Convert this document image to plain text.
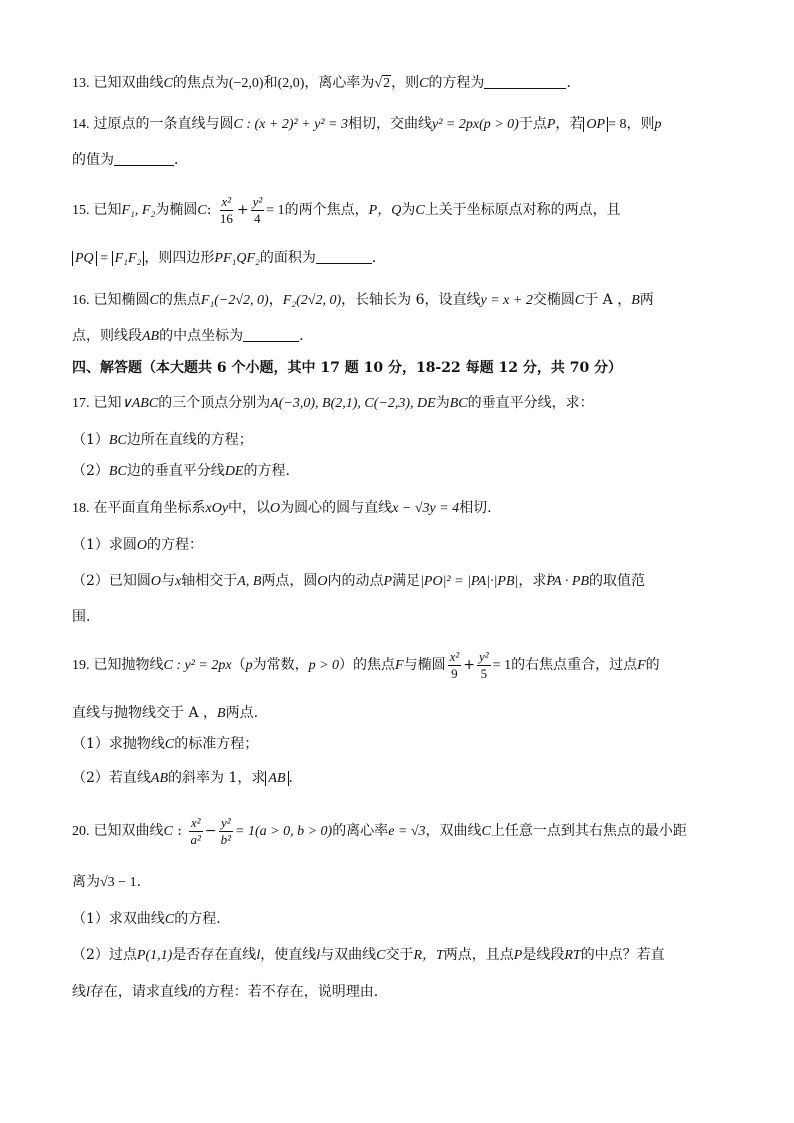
13. 已知双曲线C的焦点为(−2,0)和(2,0)，离心率为√2，则C的方程为	．
14. 过原点的一条直线与圆C : (x + 2)² + y² = 3相切，交曲线y² = 2px(p > 0)于点P，若 OP = 8，则p
的值为	．
15. 已知F₁, F₂为椭圆C: $\frac{\text{x²}}{16} + \frac{\text{y²}}{4} = 1$的两个焦点，P，Q为C上关于坐标原点对称的两点，且
PQ = F₁F₂ ，则四边形PF₁QF₂的面积为	．
16. 已知椭圆C的焦点F₁(−2√2, 0)，F₂(2√2, 0)，长轴长为 6，设直线y = x + 2交椭圆C于 A ，B两
点，则线段AB的中点坐标为	.
四、解答题（本大题共 6 个小题，其中 17 题 10 分，18-22 每题 12 分，共 70 分）
17. 已知∨ABC的三个顶点分别为A(−3,0), B(2,1), C(−2,3), DE为BC的垂直平分线，求：
（1）BC边所在直线的方程；
（2）BC边的垂直平分线DE的方程.
18. 在平面直角坐标系xOy中，以O为圆心的圆与直线x − √3y = 4相切.
（1）求圆O的方程：
（2）已知圆O与x轴相交于A, B两点，圆O内的动点P满足|PO|² = |PA|·|PB|，求↓↓↓ PA · PB的取值范
围.
19. 已知抛物线C : y² = 2px（p为常数，p > 0）的焦点F与椭圆 $\frac{\text{x²}}{9} + \frac{\text{y²}}{5} = 1$的右焦点重合，过点F的
直线与抛物线交于 A ，B两点.
（1）求抛物线C的标准方程；
（2）若直线AB的斜率为 1，求 AB .
20. 已知双曲线C : $\frac{\text{x²}}{\text{a²}} - \frac{\text{y²}}{\text{b²}} = 1(a > 0$, b > 0)的离心率e = √3，双曲线C上任意一点到其右焦点的最小距
离为√3 − 1.
（1）求双曲线C的方程.
（2）过点P(1,1)是否存在直线l，使直线l与双曲线C交于R，T两点，且点P是线段RT的中点？若直
线l存在，请求直线l的方程：若不存在，说明理由.
